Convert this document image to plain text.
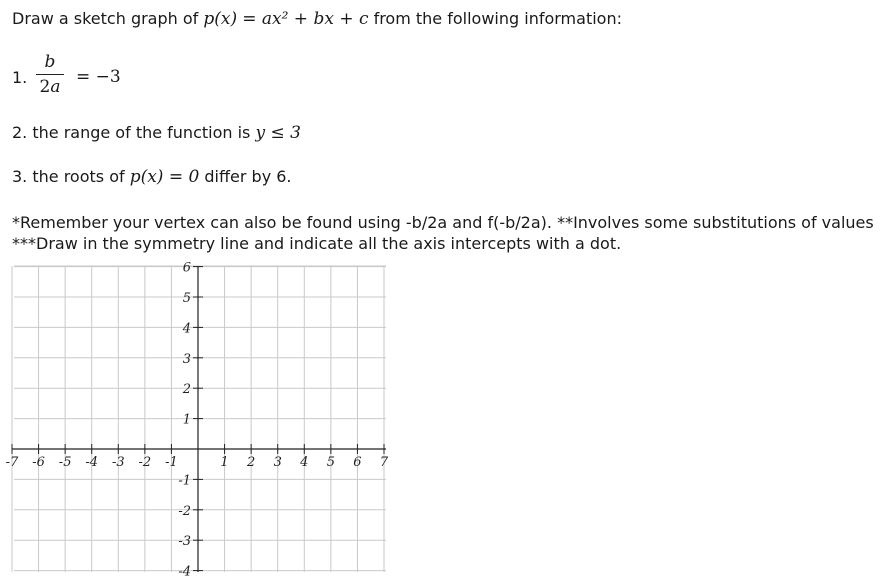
Draw a sketch graph of p(x) = ax² + bx + c from the following information:
1.
b
2a = −3
2. the range of the function is y ≤ 3
3. the roots of p(x) = 0 differ by 6.
*Remember your vertex can also be found using -b/2a and f(-b/2a). **Involves some substitutions of values
***Draw in the symmetry line and indicate all the axis intercepts with a dot.
-7 -6 -5 -4 -3 -2 -1	1 2 3 4 5 6 7
6
5
4
3
2
1
-1
-2
-3
-4
